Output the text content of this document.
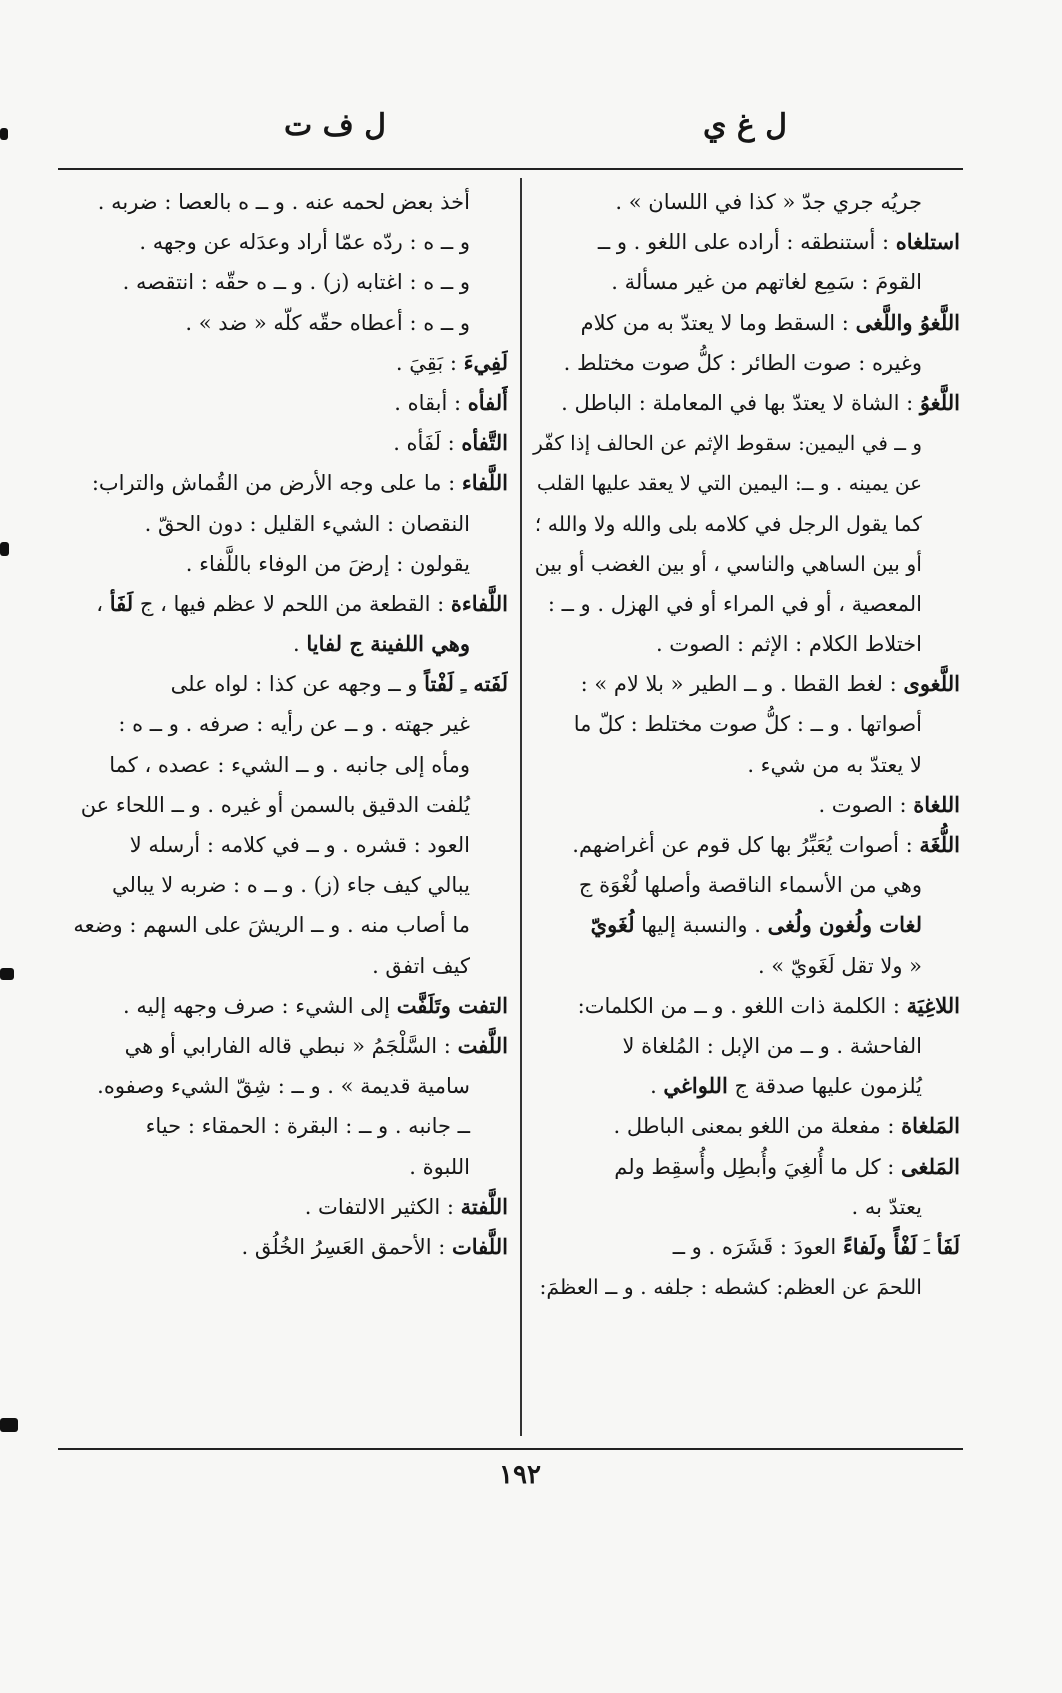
ل ف ت	ل غ ي
جريُه جري جدّ « كذا في اللسان » .
استلغاه : أستنطقه : أراده على اللغو . و ــ
القومَ : سَمِع لغاتهم من غير مسألة .
اللَّغوُ واللَّغى : السقط وما لا يعتدّ به من كلام
وغيره : صوت الطائر : كلُّ صوت مختلط .
اللَّغوُ : الشاة لا يعتدّ بها في المعاملة : الباطل .
و ــ في اليمين: سقوط الإثم عن الحالف إذا كفّر
عن يمينه . و ــ: اليمين التي لا يعقد عليها القلب
كما يقول الرجل في كلامه بلى والله ولا والله ؛
أو بين الساهي والناسي ، أو بين الغضب أو بين
المعصية ، أو في المراء أو في الهزل . و ــ :
اختلاط الكلام : الإثم : الصوت .
اللَّغوى : لغط القطا . و ــ الطير « بلا لام » :
أصواتها . و ــ : كلُّ صوت مختلط : كلّ ما
لا يعتدّ به من شيء .
اللغاة : الصوت .
اللُّغَة : أصوات يُعَبِّرُ بها كل قوم عن أغراضهم.
وهي من الأسماء الناقصة وأصلها لُغْوَة ج
لغات ولُغون ولُغى . والنسبة إليها لُغَويّ
« ولا تقل لَغَويّ » .
اللاغِيَة : الكلمة ذات اللغو . و ــ من الكلمات:
الفاحشة . و ــ من الإبل : المُلغاة لا
يُلزمون عليها صدقة ج اللواغي .
المَلغاة : مفعلة من اللغو بمعنى الباطل .
المَلغى : كل ما أُلغِيَ وأُبطِل وأُسقِط ولم
يعتدّ به .
لَفَأ ـَ لَفْأً ولَفاءً العودَ : قَشَرَه . و ــ
اللحمَ عن العظم: كشطه : جلفه . و ــ العظمَ:
أخذ بعض لحمه عنه . و ــ ه بالعصا : ضربه .
و ــ ه : ردّه عمّا أراد وعدَله عن وجهه .
و ــ ه : اغتابه (ز) . و ــ ه حقّه : انتقصه .
و ــ ه : أعطاه حقّه كلّه « ضد » .
لَفِيءَ : بَقِيَ .
أَلفأه : أبقاه .
التَّفأه : لَفَأه .
اللَّفاء : ما على وجه الأرض من القُماش والتراب:
النقصان : الشيء القليل : دون الحقّ .
يقولون : إرضَ من الوفاء باللَّفاء .
اللَّفاءة : القطعة من اللحم لا عظم فيها ، ج لَفَأ ،
وهي اللفينة ج لفايا .
لَفَته ـِ لَفْتاً و ــ وجهه عن كذا : لواه على
غير جهته . و ــ عن رأيه : صرفه . و ــ ه :
ومأه إلى جانبه . و ــ الشيء : عصده ، كما
يُلفت الدقيق بالسمن أو غيره . و ــ اللحاء عن
العود : قشره . و ــ في كلامه : أرسله لا
يبالي كيف جاء (ز) . و ــ ه : ضربه لا يبالي
ما أصاب منه . و ــ الريشَ على السهم : وضعه
كيف اتفق .
التفت وتَلَفَّت إلى الشيء : صرف وجهه إليه .
اللَّفت : السَّلْجَمُ « نبطي قاله الفارابي أو هي
سامية قديمة » . و ــ : شِقّ الشيء وصفوه.
ــ جانبه . و ــ : البقرة : الحمقاء : حياء
اللبوة .
اللَّفتة : الكثير الالتفات .
اللَّفات : الأحمق العَسِرُ الخُلُق .
١٩٢
